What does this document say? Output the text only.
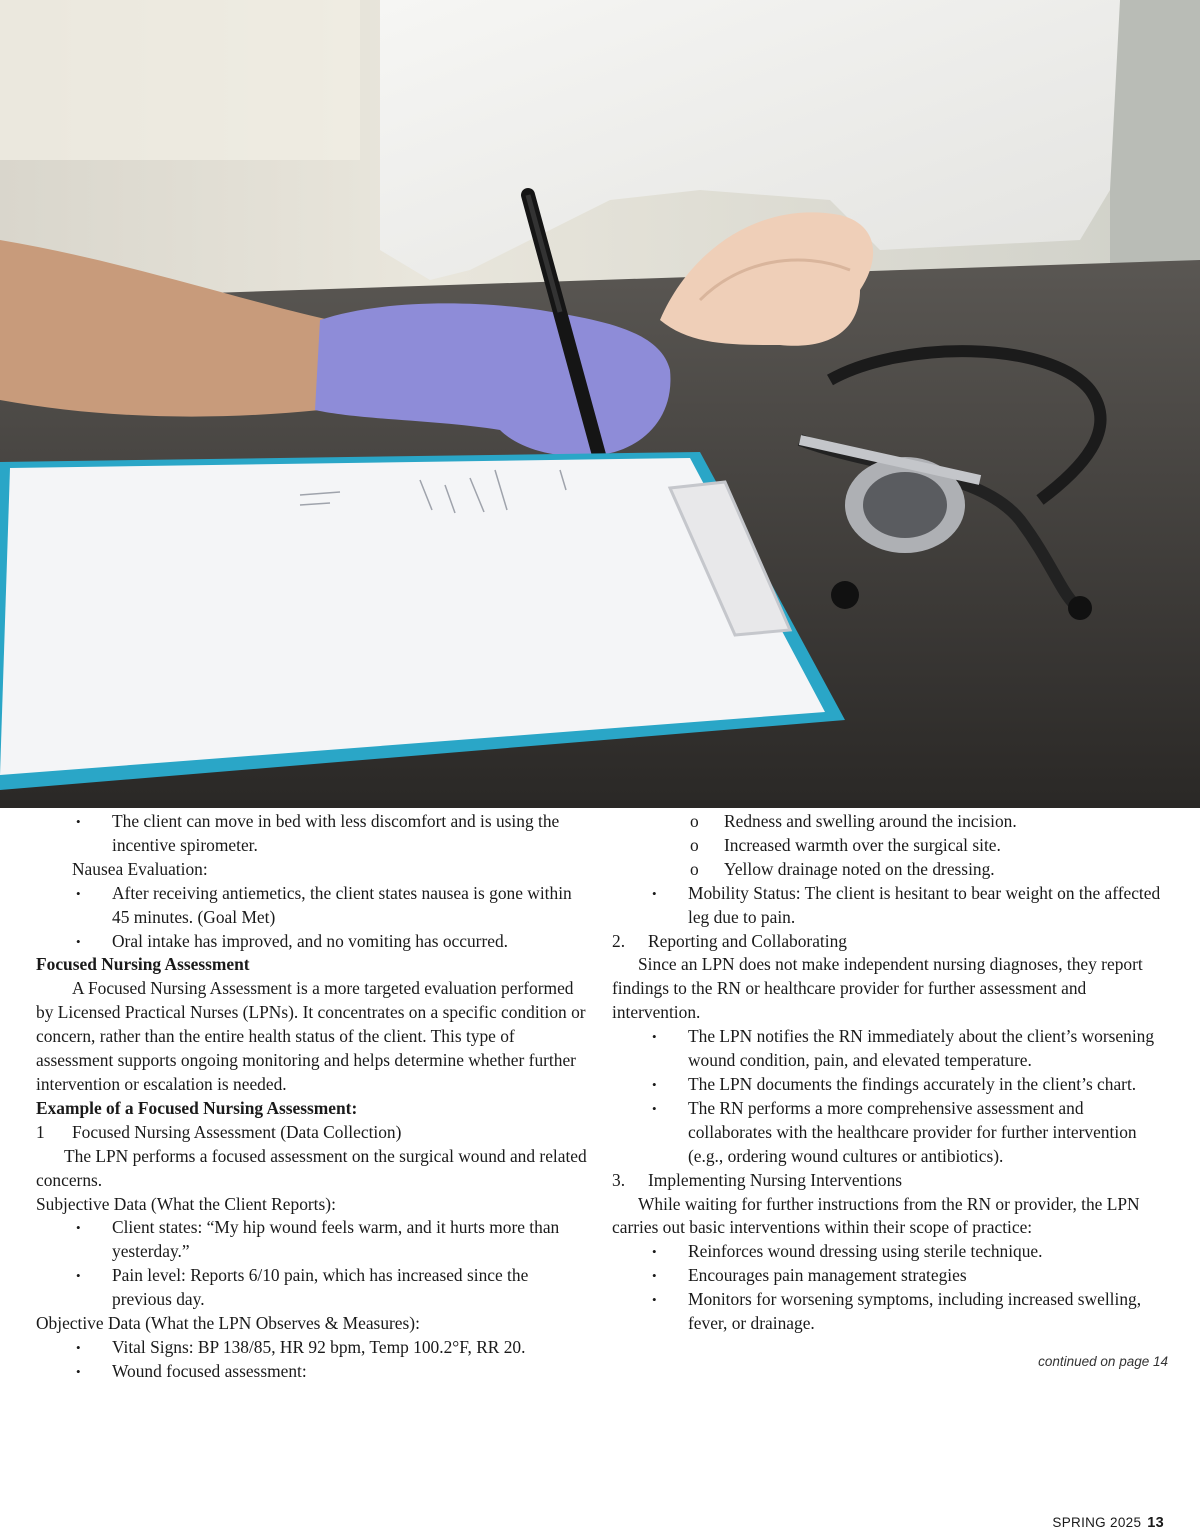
• The client can move in bed with less discomfort and is using the incentive spirometer.

Nausea Evaluation:

• After receiving antiemetics, the client states nausea is gone within 45 minutes. (Goal Met)
• Oral intake has improved, and no vomiting has occurred.

Focused Nursing Assessment

A Focused Nursing Assessment is a more targeted evaluation performed by Licensed Practical Nurses (LPNs). It concentrates on a specific condition or concern, rather than the entire health status of the client. This type of assessment supports ongoing monitoring and helps determine whether further intervention or escalation is needed.

Example of a Focused Nursing Assessment:

1 Focused Nursing Assessment (Data Collection)

The LPN performs a focused assessment on the surgical wound and related concerns.

Subjective Data (What the Client Reports):

• Client states: “My hip wound feels warm, and it hurts more than yesterday.”
• Pain level: Reports 6/10 pain, which has increased since the previous day.

Objective Data (What the LPN Observes & Measures):

• Vital Signs: BP 138/85, HR 92 bpm, Temp 100.2°F, RR 20.
• Wound focused assessment:
o Redness and swelling around the incision.
o Increased warmth over the surgical site.
o Yellow drainage noted on the dressing.
• Mobility Status: The client is hesitant to bear weight on the affected leg due to pain.

2. Reporting and Collaborating

Since an LPN does not make independent nursing diagnoses, they report findings to the RN or healthcare provider for further assessment and intervention.

• The LPN notifies the RN immediately about the client’s worsening wound condition, pain, and elevated temperature.
• The LPN documents the findings accurately in the client’s chart.
• The RN performs a more comprehensive assessment and collaborates with the healthcare provider for further intervention (e.g., ordering wound cultures or antibiotics).

3. Implementing Nursing Interventions

While waiting for further instructions from the RN or provider, the LPN carries out basic interventions within their scope of practice:

• Reinforces wound dressing using sterile technique.
• Encourages pain management strategies
• Monitors for worsening symptoms, including increased swelling, fever, or drainage.
continued on page 14
SPRING 2025 13
